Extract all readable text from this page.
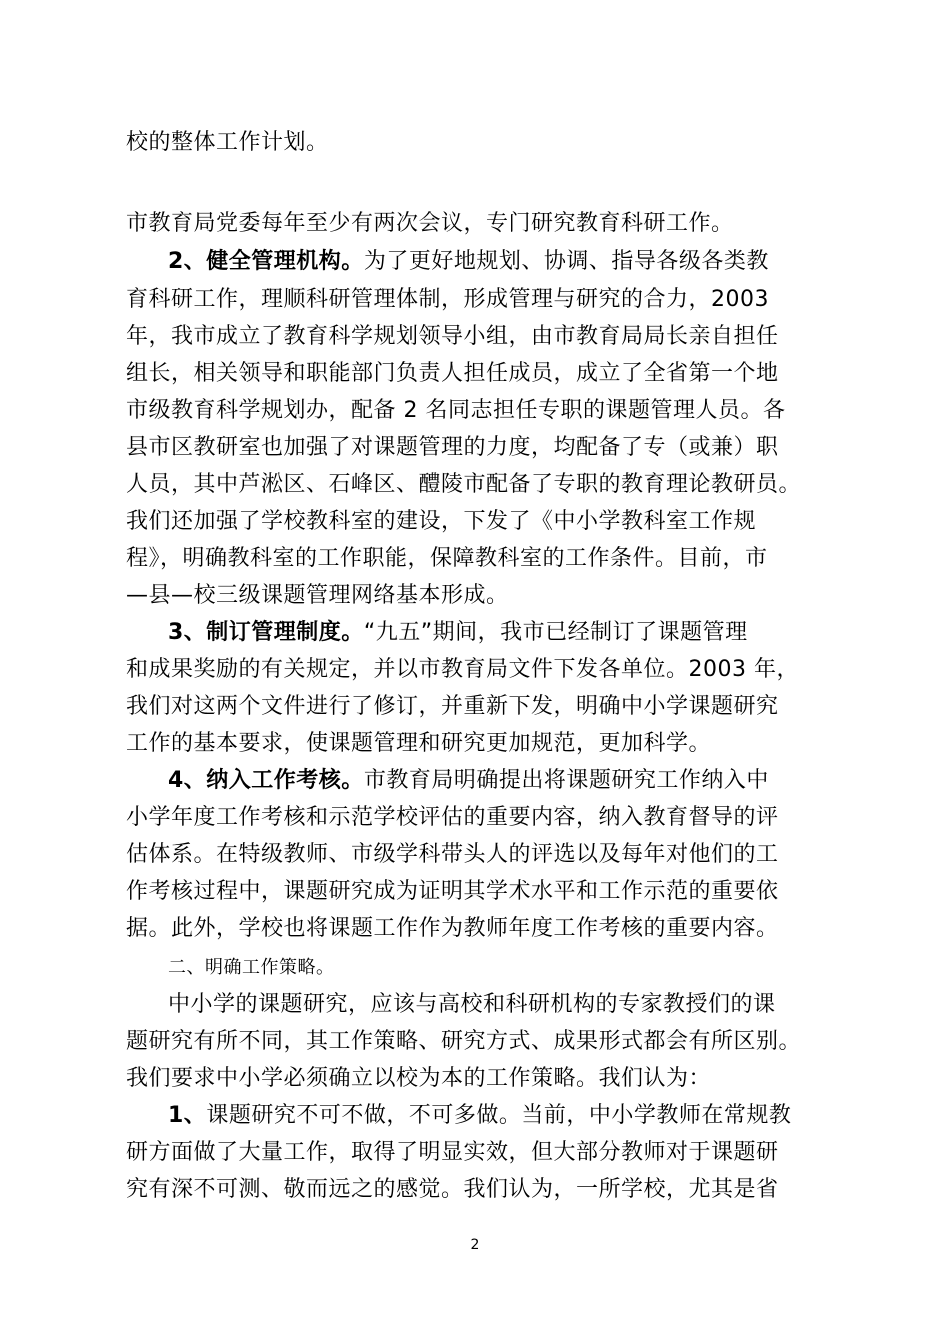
校的整体工作计划。
市教育局党委每年至少有两次会议，专门研究教育科研工作。
2、健全管理机构。为了更好地规划、协调、指导各级各类教
育科研工作，理顺科研管理体制，形成管理与研究的合力，2003
年，我市成立了教育科学规划领导小组，由市教育局局长亲自担任
组长，相关领导和职能部门负责人担任成员，成立了全省第一个地
市级教育科学规划办，配备 2 名同志担任专职的课题管理人员。各
县市区教研室也加强了对课题管理的力度，均配备了专（或兼）职
人员，其中芦淞区、石峰区、醴陵市配备了专职的教育理论教研员。
我们还加强了学校教科室的建设，下发了《中小学教科室工作规
程》，明确教科室的工作职能，保障教科室的工作条件。目前，市
—县—校三级课题管理网络基本形成。
3、制订管理制度。“九五”期间，我市已经制订了课题管理
和成果奖励的有关规定，并以市教育局文件下发各单位。2003 年，
我们对这两个文件进行了修订，并重新下发，明确中小学课题研究
工作的基本要求，使课题管理和研究更加规范，更加科学。
4、纳入工作考核。市教育局明确提出将课题研究工作纳入中
小学年度工作考核和示范学校评估的重要内容，纳入教育督导的评
估体系。在特级教师、市级学科带头人的评选以及每年对他们的工
作考核过程中，课题研究成为证明其学术水平和工作示范的重要依
据。此外，学校也将课题工作作为教师年度工作考核的重要内容。
二、明确工作策略。
中小学的课题研究，应该与高校和科研机构的专家教授们的课
题研究有所不同，其工作策略、研究方式、成果形式都会有所区别。
我们要求中小学必须确立以校为本的工作策略。我们认为：
1、课题研究不可不做，不可多做。当前，中小学教师在常规教
研方面做了大量工作，取得了明显实效，但大部分教师对于课题研
究有深不可测、敬而远之的感觉。我们认为，一所学校，尤其是省
2
